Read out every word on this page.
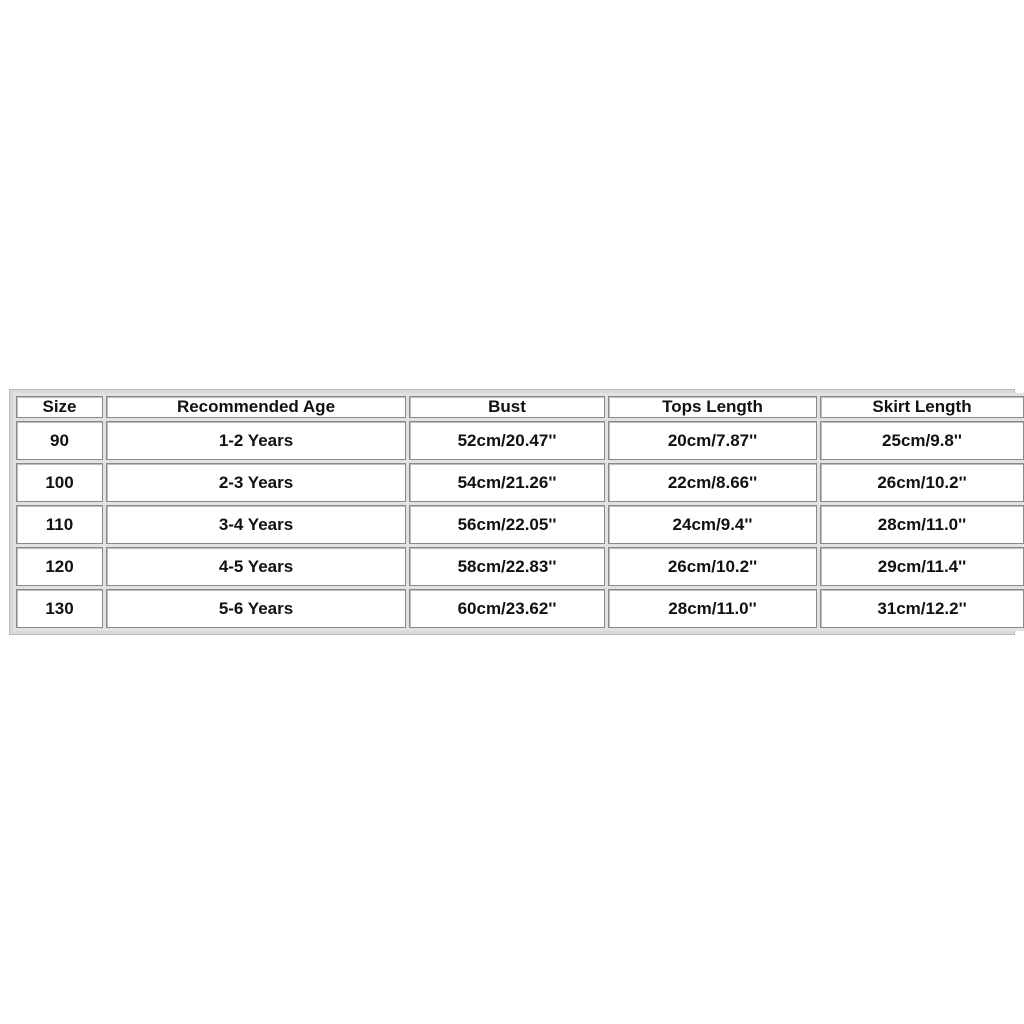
Size	Recommended Age	Bust	Tops Length	Skirt Length
90	1-2 Years	52cm/20.47''	20cm/7.87''	25cm/9.8''
100	2-3 Years	54cm/21.26''	22cm/8.66''	26cm/10.2''
110	3-4 Years	56cm/22.05''	24cm/9.4''	28cm/11.0''
120	4-5 Years	58cm/22.83''	26cm/10.2''	29cm/11.4''
130	5-6 Years	60cm/23.62''	28cm/11.0''	31cm/12.2''
